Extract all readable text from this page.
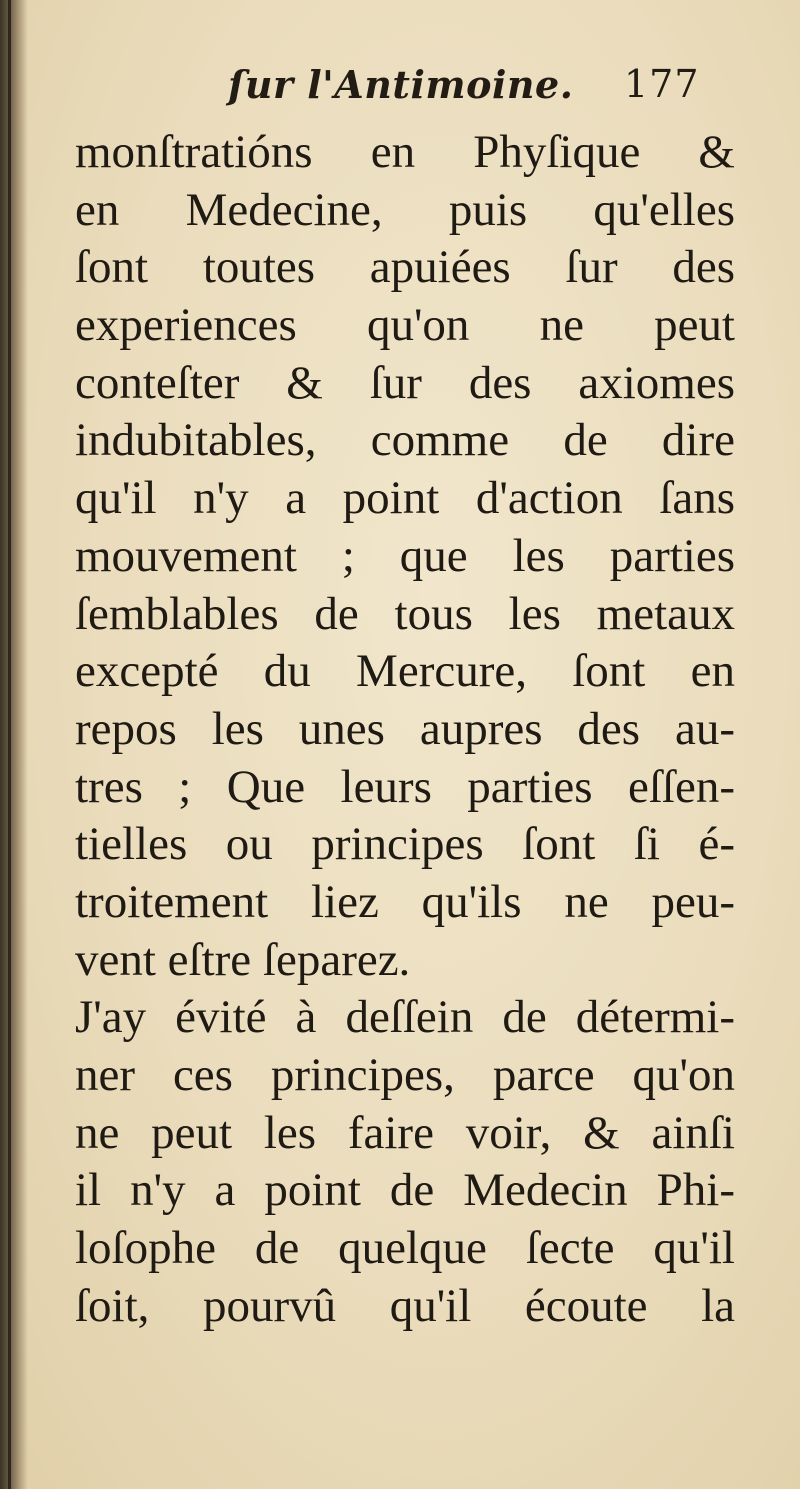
ſur l'Antimoine. 177
monſtratións en Phyſique &
en Medecine, puis qu'elles
ſont toutes apuiées ſur des
experiences qu'on ne peut
conteſter & ſur des axiomes
indubitables, comme de dire
qu'il n'y a point d'action ſans
mouvement ; que les parties
ſemblables de tous les metaux
excepté du Mercure, ſont en
repos les unes aupres des au-
tres ; Que leurs parties eſſen-
tielles ou principes ſont ſi é-
troitement liez qu'ils ne peu-
vent eſtre ſeparez.
J'ay évité à deſſein de détermi-
ner ces principes, parce qu'on
ne peut les faire voir, & ainſi
il n'y a point de Medecin Phi-
loſophe de quelque ſecte qu'il
ſoit, pourvû qu'il écoute la
